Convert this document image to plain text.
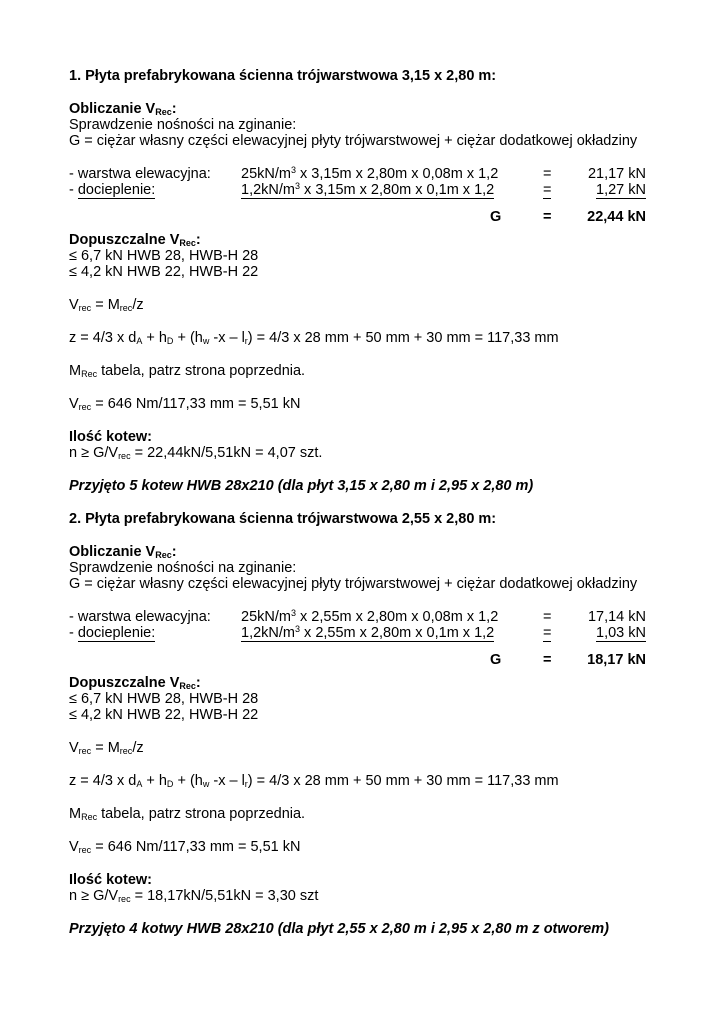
1. Płyta prefabrykowana ścienna trójwarstwowa 3,15 x 2,80 m:
Obliczanie $V_{Rec}$:
Sprawdzenie nośności na zginanie:
G = ciężar własny części elewacyjnej płyty trójwarstwowej + ciężar dodatkowej okładziny
- warstwa elewacyjna: $25kN/m^3$ x 3,15m x 2,80m x 0,08m x 1,2	=	21,17 kN
- docieplenie:	$1,2kN/m^3$ x 3,15m x 2,80m x 0,1m x 1,2	=	1,27 kN
G	= 22,44 kN
Dopuszczalne $V_{Rec}$:
≤ 6,7 kN HWB 28, HWB-H 28
≤ 4,2 kN HWB 22, HWB-H 22
$V_{rec} = M_{rec}/z$
z = 4/3 x $d_A + h_D + (h_w$ $-x - l_r) = 4/3$ x 28 mm + 50 mm + 30 mm = 117,33 mm
$M_{Rec}$ tabela, patrz strona poprzednia.
$V_{rec} = 646$ Nm/117,33 mm = 5,51 kN
Ilość kotew:
$n \ge G/V_{rec} = 22,44kN/5,51kN = 4,07$ szt.
Przyjęto 5 kotew HWB 28x210 (dla płyt 3,15 x 2,80 m i 2,95 x 2,80 m)
2. Płyta prefabrykowana ścienna trójwarstwowa 2,55 x 2,80 m:
Obliczanie $V_{Rec}$:
Sprawdzenie nośności na zginanie:
G = ciężar własny części elewacyjnej płyty trójwarstwowej + ciężar dodatkowej okładziny
- warstwa elewacyjna: $25kN/m^3$ x 2,55m x 2,80m x 0,08m x 1,2	=	17,14 kN
- docieplenie:	$1,2kN/m^3$ x 2,55m x 2,80m x 0,1m x 1,2	=	1,03 kN
G	= 18,17 kN
Dopuszczalne $V_{Rec}$:
≤ 6,7 kN HWB 28, HWB-H 28
≤ 4,2 kN HWB 22, HWB-H 22
$V_{rec} = M_{rec}/z$
z = 4/3 x $d_A + h_D + (h_w$ $-x - l_r) = 4/3$ x 28 mm + 50 mm + 30 mm = 117,33 mm
$M_{Rec}$ tabela, patrz strona poprzednia.
$V_{rec} = 646$ Nm/117,33 mm = 5,51 kN
Ilość kotew:
$n \ge G/V_{rec} = 18,17kN/5,51kN = 3,30$ szt
Przyjęto 4 kotwy HWB 28x210 (dla płyt 2,55 x 2,80 m i 2,95 x 2,80 m z otworem)
